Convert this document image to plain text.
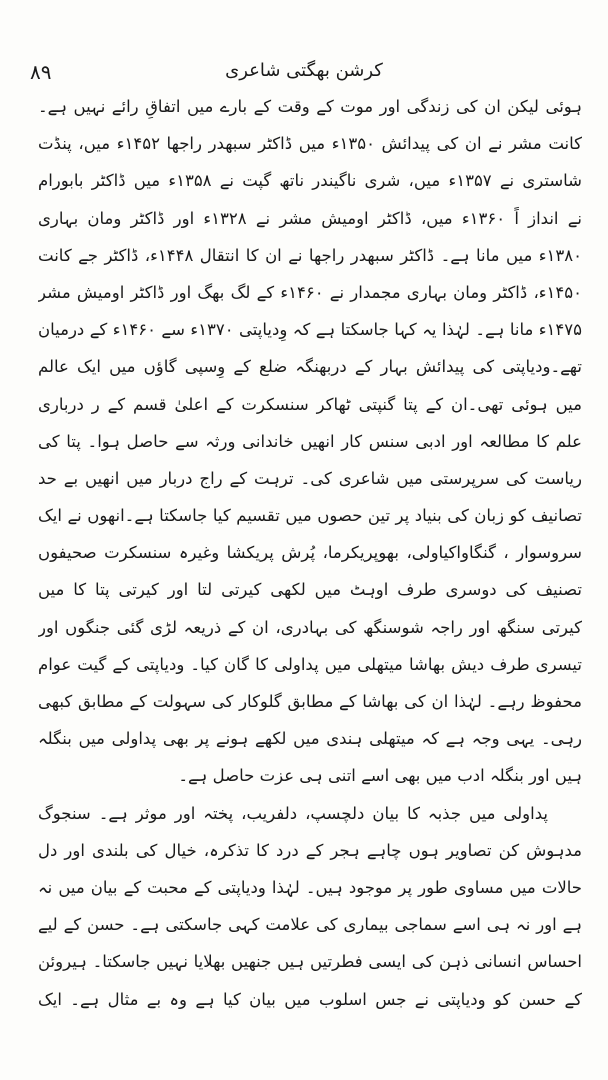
۸۹	کرشن بھگتی شاعری
ہوئی لیکن ان کی زندگی اور موت کے وقت کے بارے میں اتفاقِ رائے نہیں ہے۔
کانت مشر نے ان کی پیدائش ۱۳۵۰ء میں ڈاکٹر سبھدر راجھا ۱۴۵۲ء میں، پنڈت
شاستری نے ۱۳۵۷ء میں، شری ناگیندر ناتھ گپت نے ۱۳۵۸ء میں ڈاکٹر بابورام
نے انداز اً ۱۳۶۰ء میں، ڈاکٹر اومیش مشر نے ۱۳۲۸ء اور ڈاکٹر ومان بہاری
۱۳۸۰ء میں مانا ہے۔ ڈاکٹر سبھدر راجھا نے ان کا انتقال ۱۴۴۸ء، ڈاکٹر جے کانت
۱۴۵۰ء، ڈاکٹر ومان بہاری مجمدار نے ۱۴۶۰ء کے لگ بھگ اور ڈاکٹر اومیش مشر
۱۴۷۵ء مانا ہے۔ لہٰذا یہ کہا جاسکتا ہے کہ وِدیاپتی ۱۳۷۰ء سے ۱۴۶۰ء کے درمیان
تھے۔ودیاپتی کی پیدائش بہار کے دربھنگہ ضلع کے وِسپی گاؤں میں ایک عالم
میں ہوئی تھی۔ان کے پتا گنپتی ٹھاکر سنسکرت کے اعلیٰ قسم کے ر درباری
علم کا مطالعہ اور ادبی سنس کار انھیں خاندانی ورثہ سے حاصل ہوا۔ پتا کی
ریاست کی سرپرستی میں شاعری کی۔ ترہت کے راج دربار میں انھیں بے حد
تصانیف کو زبان کی بنیاد پر تین حصوں میں تقسیم کیا جاسکتا ہے۔انھوں نے ایک
سروسوار ، گنگاواکیاولی، بھوپریکرما، پُرش پریکشا وغیرہ سنسکرت صحیفوں
تصنیف کی دوسری طرف اوہٹ میں لکھی کیرتی لتا اور کیرتی پتا کا میں
کیرتی سنگھ اور راجہ شوسنگھ کی بہادری، ان کے ذریعہ لڑی گئی جنگوں اور
تیسری طرف دیش بھاشا میتھلی میں پداولی کا گان کیا۔ ودیاپتی کے گیت عوام
محفوظ رہے۔ لہٰذا ان کی بھاشا کے مطابق گلوکار کی سہولت کے مطابق کبھی
رہی۔ یہی وجہ ہے کہ میتھلی ہندی میں لکھے ہونے پر بھی پداولی میں بنگلہ
ہیں اور بنگلہ ادب میں بھی اسے اتنی ہی عزت حاصل ہے۔
پداولی میں جذبہ کا بیان دلچسپ، دلفریب، پختہ اور موثر ہے۔ سنجوگ
مدہوش کن تصاویر ہوں چاہے ہجر کے درد کا تذکرہ، خیال کی بلندی اور دل
حالات میں مساوی طور پر موجود ہیں۔ لہٰذا ودیاپتی کے محبت کے بیان میں نہ
ہے اور نہ ہی اسے سماجی بیماری کی علامت کہی جاسکتی ہے۔ حسن کے لیے
احساس انسانی ذہن کی ایسی فطرتیں ہیں جنھیں بھلایا نہیں جاسکتا۔ ہیروئن
کے حسن کو ودیاپتی نے جس اسلوب میں بیان کیا ہے وہ بے مثال ہے۔ ایک
